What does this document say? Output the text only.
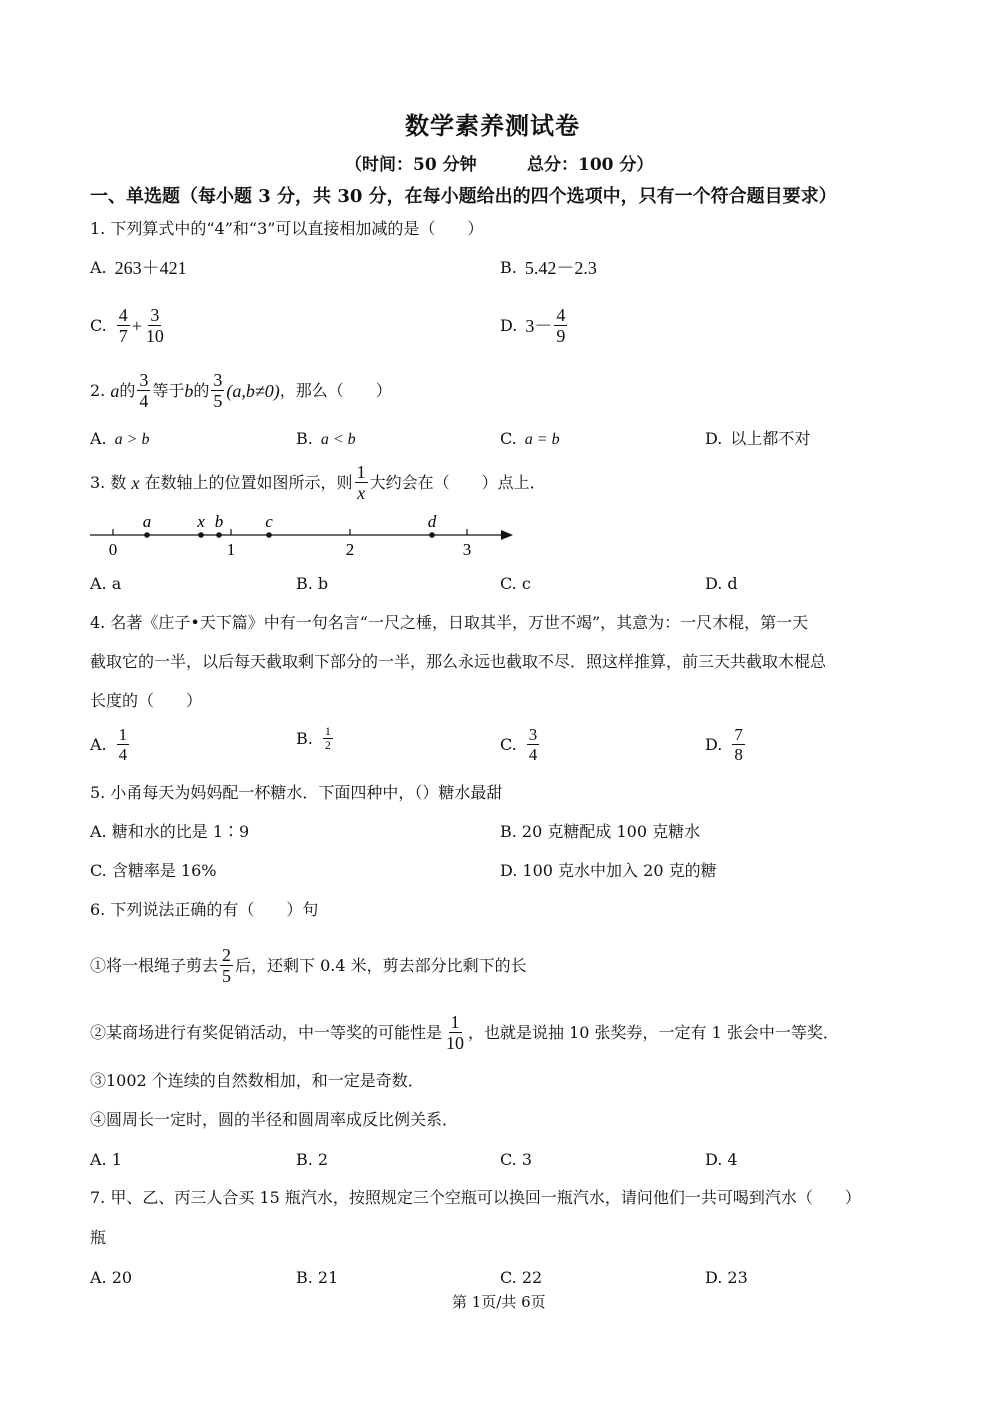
数学素养测试卷
（时间：50 分钟	总分：100 分）
一、单选题（每小题 3 分，共 30 分，在每小题给出的四个选项中，只有一个符合题目要求）
1. 下列算式中的“4”和“3”可以直接相加减的是（　　）
A. 263＋421	B. 5.42－2.3
C. $\frac{4}{7} + \frac{3}{10}$	D. $3- \frac{4}{9}$
2.
a 的 $\frac{3}{4}$ 等于 b 的 $\frac{3}{5} (a,b\ne 0)$ ，那么（　　）
A. a > b	B. a < b	C. a = b	D. 以上都不对
3. 数
x
在数轴上的位置如图所示，则 $\frac{1}{x}$ 大约会在（　　）点上．
0	1	2	3
a	x b c	d
A. a	B. b	C. c	D. d
4. 名著《庄子•天下篇》中有一句名言“一尺之棰，日取其半，万世不竭”，其意为：一尺木棍，第一天
截取它的一半，以后每天截取剩下部分的一半，那么永远也截取不尽．照这样推算，前三天共截取木棍总
长度的（　　）
A. $\frac{1}{4}$	B. $\frac{1}{2}$	C. $\frac{3}{4}$	D. $\frac{7}{8}$
5. 小甬每天为妈妈配一杯糖水．下面四种中，（）糖水最甜
A. 糖和水的比是 1∶9	B. 20 克糖配成 100 克糖水
C. 含糖率是 16%	D. 100 克水中加入 20 克的糖
6. 下列说法正确的有（　　）句
①将一根绳子剪去 $\frac{2}{5}$ 后，还剩下 0.4 米，剪去部分比剩下的长
②某商场进行有奖促销活动，中一等奖的可能性是 $\frac{1}{10}$ ，也就是说抽 10 张奖券，一定有 1 张会中一等奖．
③1002 个连续的自然数相加，和一定是奇数．
④圆周长一定时，圆的半径和圆周率成反比例关系．
A. 1	B. 2	C. 3	D. 4
7. 甲、乙、丙三人合买 15 瓶汽水，按照规定三个空瓶可以换回一瓶汽水，请问他们一共可喝到汽水（　　）
瓶
A. 20	B. 21	C. 22	D. 23
第 1页/共 6页
